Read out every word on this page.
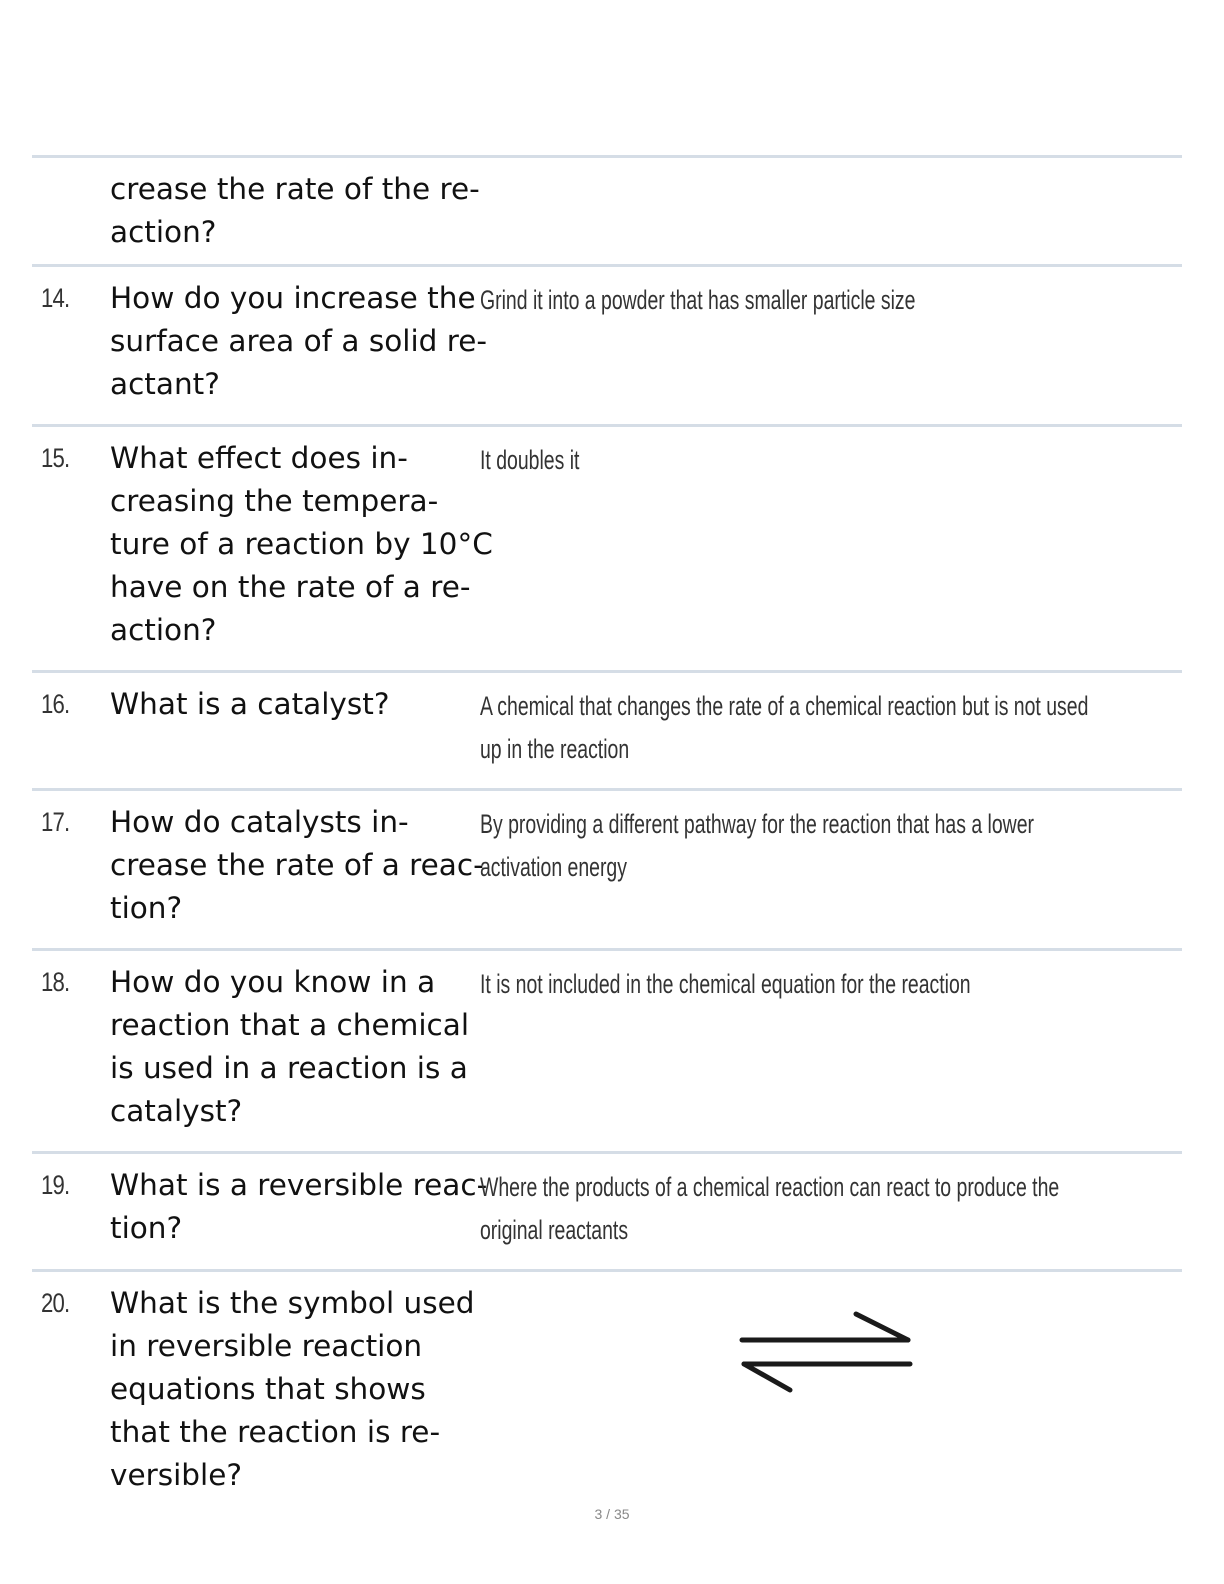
crease the rate of the re-
action?
14. How do you increase the
surface area of a solid re-
actant?
Grind it into a powder that has smaller particle size
15. What effect does in-
creasing the tempera-
ture of a reaction by 10°C
have on the rate of a re-
action?
It doubles it
16. What is a catalyst?	A chemical that changes the rate of a chemical reaction but is not used
up in the reaction
17. How do catalysts in-
crease the rate of a reac-
tion?
By providing a different pathway for the reaction that has a lower
activation energy
18. How do you know in a
reaction that a chemical
is used in a reaction is a
catalyst?
It is not included in the chemical equation for the reaction
19. What is a reversible reac-
tion?
Where the products of a chemical reaction can react to produce the
original reactants
20. What is the symbol used
in reversible reaction
equations that shows
that the reaction is re-
versible?
3 / 35
